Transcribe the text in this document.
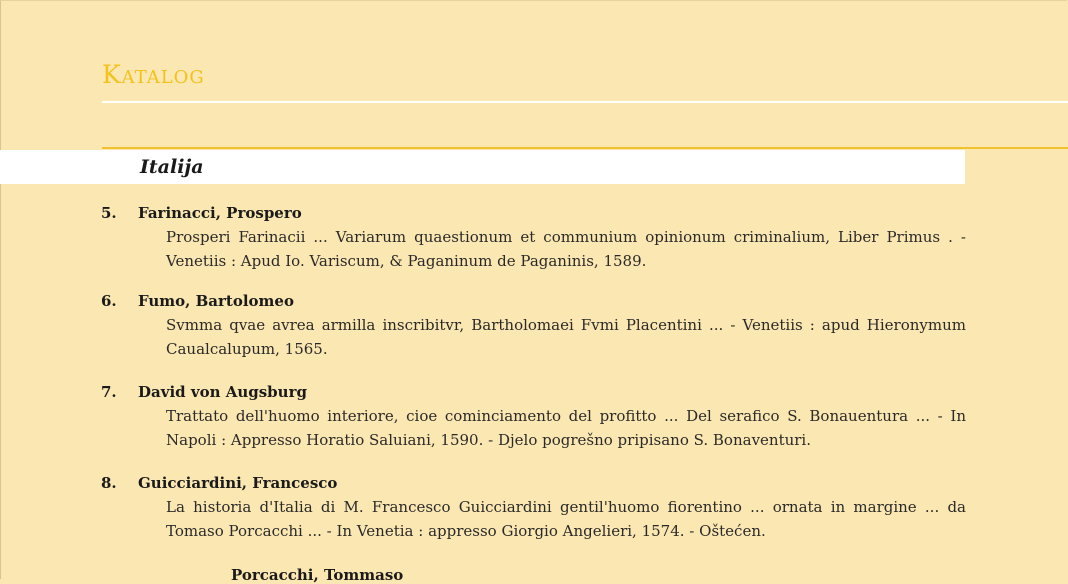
Katalog
Italija
5. Farinacci, Prospero
Prosperi Farinacii ... Variarum quaestionum et communium opinionum criminalium, Liber Primus . - Venetiis : Apud Io. Variscum, & Paganinum de Paganinis, 1589.
6. Fumo, Bartolomeo
Svmma qvae avrea armilla inscribitvr, Bartholomaei Fvmi Placentini ... - Venetiis : apud Hieronymum Caualcalupum, 1565.
7. David von Augsburg
Trattato dell'huomo interiore, cioe cominciamento del profitto ... Del serafico S. Bonauentura ... - In Napoli : Appresso Horatio Saluiani, 1590. - Djelo pogrešno pripisano S. Bonaventuri.
8. Guicciardini, Francesco
La historia d'Italia di M. Francesco Guicciardini gentil'huomo fiorentino ... ornata in margine ... da Tomaso Porcacchi ... - In Venetia : appresso Giorgio Angelieri, 1574. - Oštećen.
Porcacchi, Tommaso
